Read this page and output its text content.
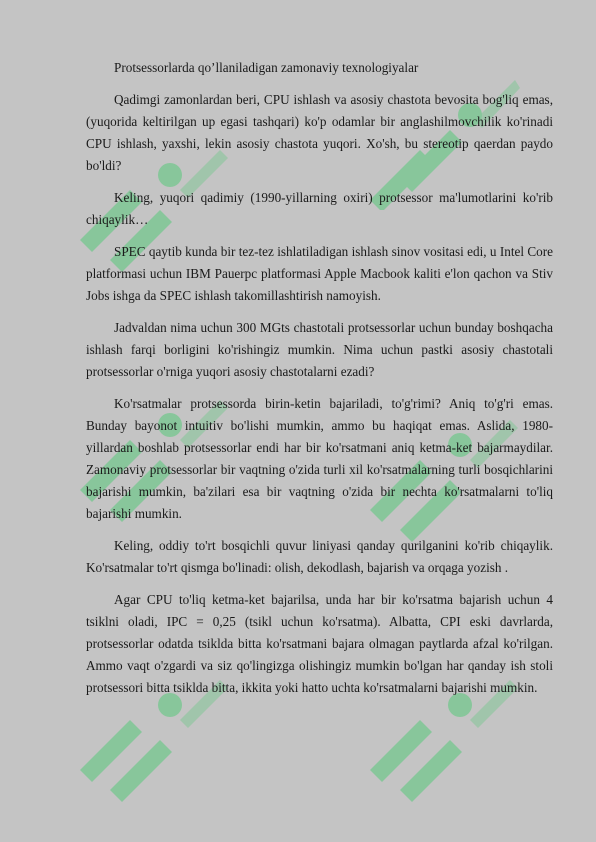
Protsessorlarda qo’llaniladigan zamonaviy texnologiyalar

Qadimgi zamonlardan beri, CPU ishlash va asosiy chastota bevosita bog'liq emas, (yuqorida keltirilgan up egasi tashqari) ko'p odamlar bir anglashilmovchilik ko'rinadi CPU ishlash, yaxshi, lekin asosiy chastota yuqori. Xo'sh, bu stereotip qaerdan paydo bo'ldi?

Keling, yuqori qadimiy (1990-yillarning oxiri) protsessor ma'lumotlarini ko'rib chiqaylik…

SPEC qaytib kunda bir tez-tez ishlatiladigan ishlash sinov vositasi edi, u Intel Core platformasi uchun IBM Pauerpc platformasi Apple Macbook kaliti e'lon qachon va Stiv Jobs ishga da SPEC ishlash takomillashtirish namoyish.

Jadvaldan nima uchun 300 MGts chastotali protsessorlar uchun bunday boshqacha ishlash farqi borligini ko'rishingiz mumkin. Nima uchun pastki asosiy chastotali protsessorlar o'rniga yuqori asosiy chastotalarni ezadi?

Ko'rsatmalar protsessorda birin-ketin bajariladi, to'g'rimi? Aniq to'g'ri emas. Bunday bayonot intuitiv bo'lishi mumkin, ammo bu haqiqat emas. Aslida, 1980-yillardan boshlab protsessorlar endi har bir ko'rsatmani aniq ketma-ket bajarmaydilar. Zamonaviy protsessorlar bir vaqtning o'zida turli xil ko'rsatmalarning turli bosqichlarini bajarishi mumkin, ba'zilari esa bir vaqtning o'zida bir nechta ko'rsatmalarni to'liq bajarishi mumkin.

Keling, oddiy to'rt bosqichli quvur liniyasi qanday qurilganini ko'rib chiqaylik. Ko'rsatmalar to'rt qismga bo'linadi: olish, dekodlash, bajarish va orqaga yozish .

Agar CPU to'liq ketma-ket bajarilsa, unda har bir ko'rsatma bajarish uchun 4 tsiklni oladi, IPC = 0,25 (tsikl uchun ko'rsatma). Albatta, CPI eski davrlarda, protsessorlar odatda tsiklda bitta ko'rsatmani bajara olmagan paytlarda afzal ko'rilgan. Ammo vaqt o'zgardi va siz qo'lingizga olishingiz mumkin bo'lgan har qanday ish stoli protsessori bitta tsiklda bitta, ikkita yoki hatto uchta ko'rsatmalarni bajarishi mumkin.
